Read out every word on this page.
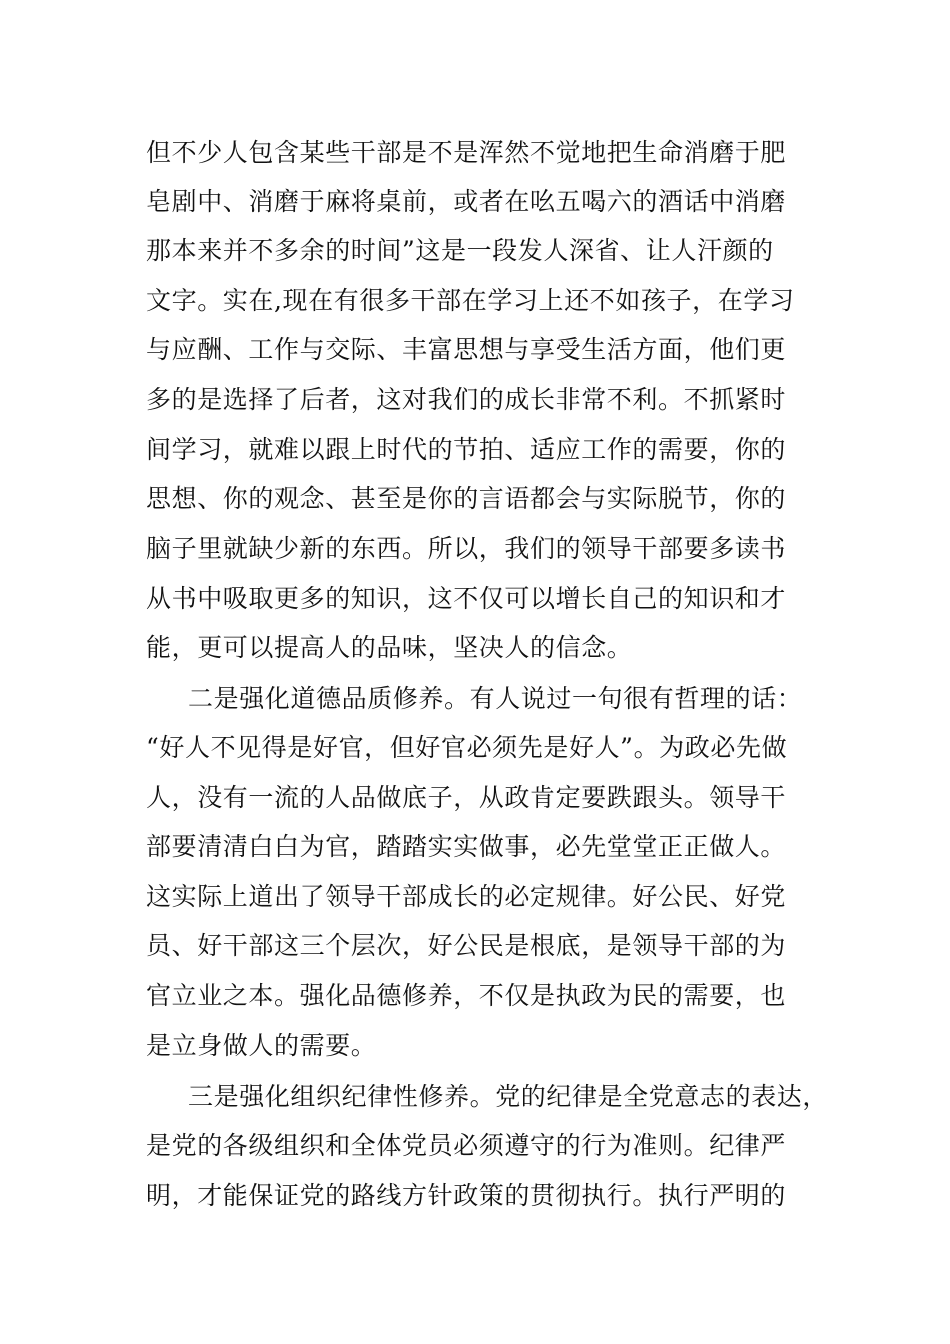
但不少人包含某些干部是不是浑然不觉地把生命消磨于肥
皂剧中、消磨于麻将桌前，或者在吆五喝六的酒话中消磨
那本来并不多余的时间”这是一段发人深省、让人汗颜的
文字。实在,现在有很多干部在学习上还不如孩子，在学习
与应酬、工作与交际、丰富思想与享受生活方面，他们更
多的是选择了后者，这对我们的成长非常不利。不抓紧时
间学习，就难以跟上时代的节拍、适应工作的需要，你的
思想、你的观念、甚至是你的言语都会与实际脱节，你的
脑子里就缺少新的东西。所以，我们的领导干部要多读书
从书中吸取更多的知识，这不仅可以增长自己的知识和才
能，更可以提高人的品味，坚决人的信念。
二是强化道德品质修养。有人说过一句很有哲理的话：
“好人不见得是好官，但好官必须先是好人”。为政必先做
人，没有一流的人品做底子，从政肯定要跌跟头。领导干
部要清清白白为官，踏踏实实做事，必先堂堂正正做人。
这实际上道出了领导干部成长的必定规律。好公民、好党
员、好干部这三个层次，好公民是根底，是领导干部的为
官立业之本。强化品德修养，不仅是执政为民的需要，也
是立身做人的需要。
三是强化组织纪律性修养。党的纪律是全党意志的表达，
是党的各级组织和全体党员必须遵守的行为准则。纪律严
明，才能保证党的路线方针政策的贯彻执行。执行严明的
